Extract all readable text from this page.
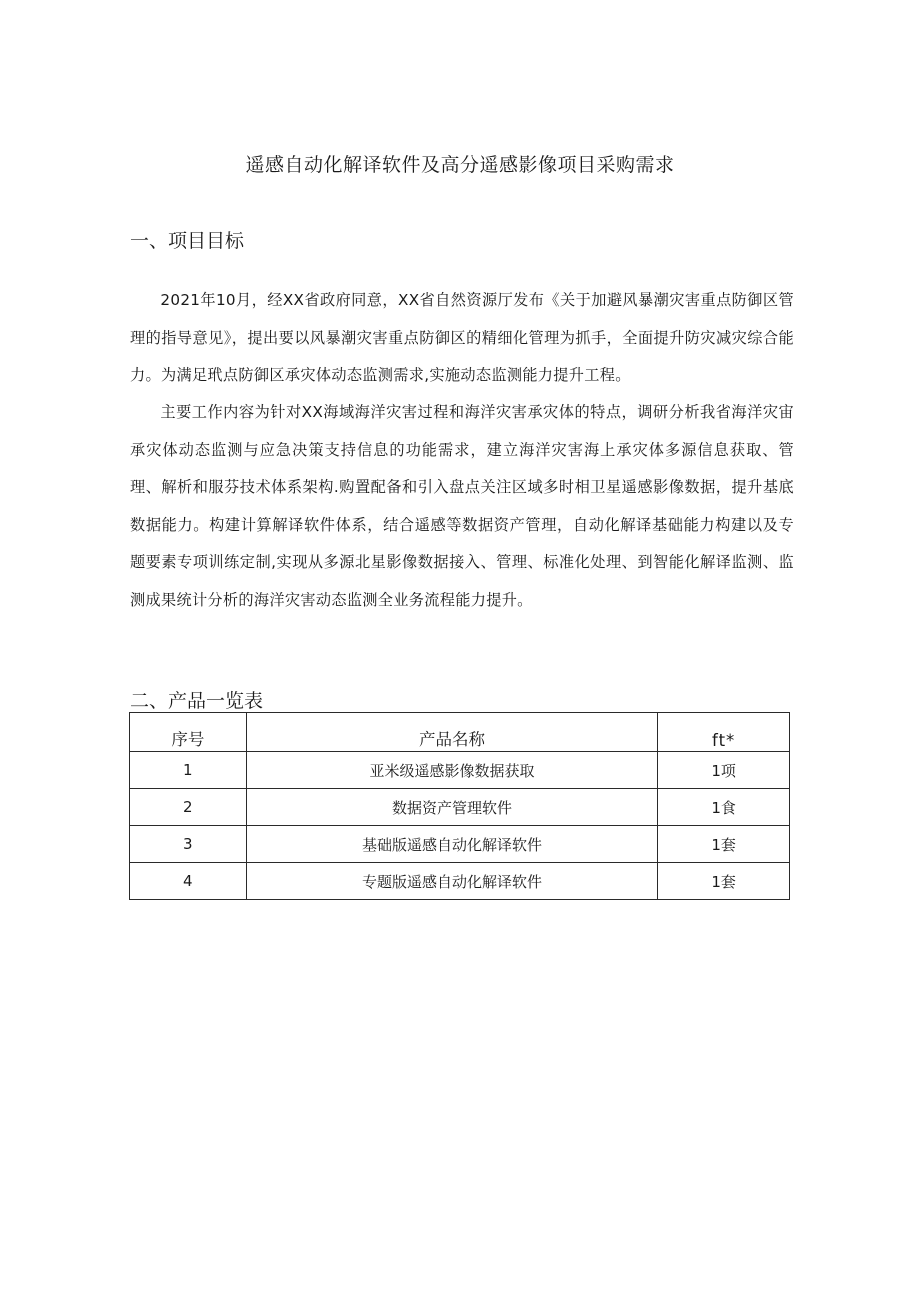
遥感自动化解译软件及高分遥感影像项目采购需求
一、项目目标

2021年10月，经XX省政府同意，XX省自然资源厅发布《关于加避风暴潮灾害重点防御区管理的指导意见》，提出要以风暴潮灾害重点防御区的精细化管理为抓手，全面提升防灾减灾综合能力。为满足玳点防御区承灾体动态监测需求,实施动态监测能力提升工程。

主要工作内容为针对XX海域海洋灾害过程和海洋灾害承灾体的特点，调研分析我省海洋灾宙承灾体动态监测与应急决策支持信息的功能需求，建立海洋灾害海上承灾体多源信息获取、管理、解析和服芬技术体系架构.购置配备和引入盘点关注区域多时相卫星遥感影像数据，提升基底数据能力。构建计算解译软件体系，结合遥感等数据资产管理，自动化解译基础能力构建以及专题要素专项训练定制,实现从多源北星影像数据接入、管理、标准化处理、到智能化解译监测、监测成果统计分析的海洋灾害动态监测全业务流程能力提升。

二、产品一览表
序号	产品名称	ft*
1	亚米级遥感影像数据获取	1项
2	数据资产管理软件	1食
3	基础版遥感自动化解译软件	1套
4	专题版遥感自动化解译软件	1套
